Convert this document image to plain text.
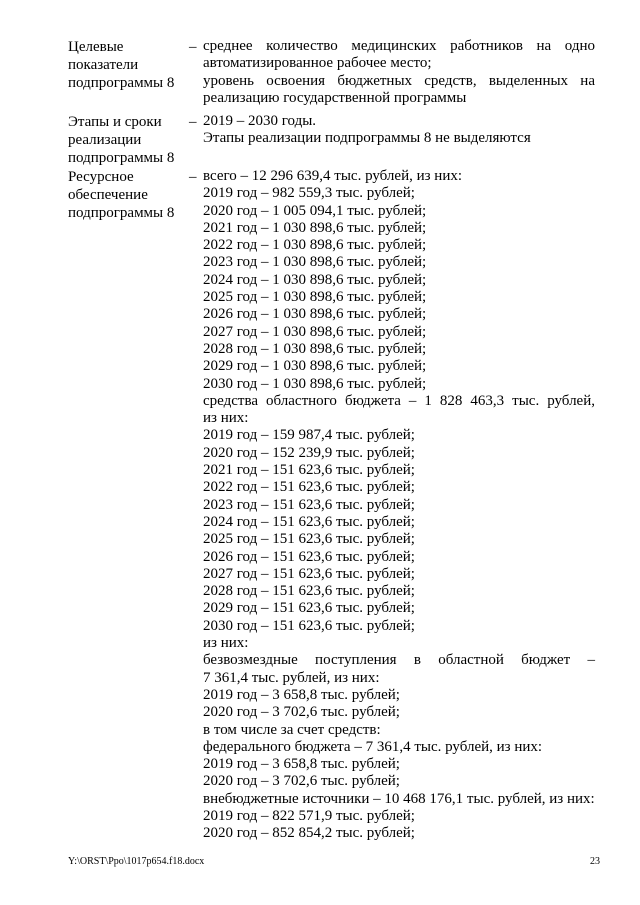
Целевые показатели подпрограммы 8
– среднее количество медицинских работников на одно

автоматизированное рабочее место;

уровень освоения бюджетных средств, выделенных на

реализацию государственной программы

Этапы и сроки реализации подпрограммы 8
– 2019 – 2030 годы.

Этапы реализации подпрограммы 8 не выделяются

Ресурсное обеспечение подпрограммы 8
– всего – 12 296 639,4 тыс. рублей, из них:

2019 год – 982 559,3 тыс. рублей;

2020 год – 1 005 094,1 тыс. рублей;

2021 год – 1 030 898,6 тыс. рублей;

2022 год – 1 030 898,6 тыс. рублей;

2023 год – 1 030 898,6 тыс. рублей;

2024 год – 1 030 898,6 тыс. рублей;

2025 год – 1 030 898,6 тыс. рублей;

2026 год – 1 030 898,6 тыс. рублей;

2027 год – 1 030 898,6 тыс. рублей;

2028 год – 1 030 898,6 тыс. рублей;

2029 год – 1 030 898,6 тыс. рублей;

2030 год – 1 030 898,6 тыс. рублей;

средства областного бюджета – 1 828 463,3 тыс. рублей,

из них:

2019 год – 159 987,4 тыс. рублей;

2020 год – 152 239,9 тыс. рублей;

2021 год – 151 623,6 тыс. рублей;

2022 год – 151 623,6 тыс. рублей;

2023 год – 151 623,6 тыс. рублей;

2024 год – 151 623,6 тыс. рублей;

2025 год – 151 623,6 тыс. рублей;

2026 год – 151 623,6 тыс. рублей;

2027 год – 151 623,6 тыс. рублей;

2028 год – 151 623,6 тыс. рублей;

2029 год – 151 623,6 тыс. рублей;

2030 год – 151 623,6 тыс. рублей;

из них:

безвозмездные поступления в областной бюджет –

7 361,4 тыс. рублей, из них:

2019 год – 3 658,8 тыс. рублей;

2020 год – 3 702,6 тыс. рублей;

в том числе за счет средств:

федерального бюджета – 7 361,4 тыс. рублей, из них:

2019 год – 3 658,8 тыс. рублей;

2020 год – 3 702,6 тыс. рублей;

внебюджетные источники – 10 468 176,1 тыс. рублей, из них:

2019 год – 822 571,9 тыс. рублей;

2020 год – 852 854,2 тыс. рублей;

Y:\ORST\Ppo\1017p654.f18.docx	23
